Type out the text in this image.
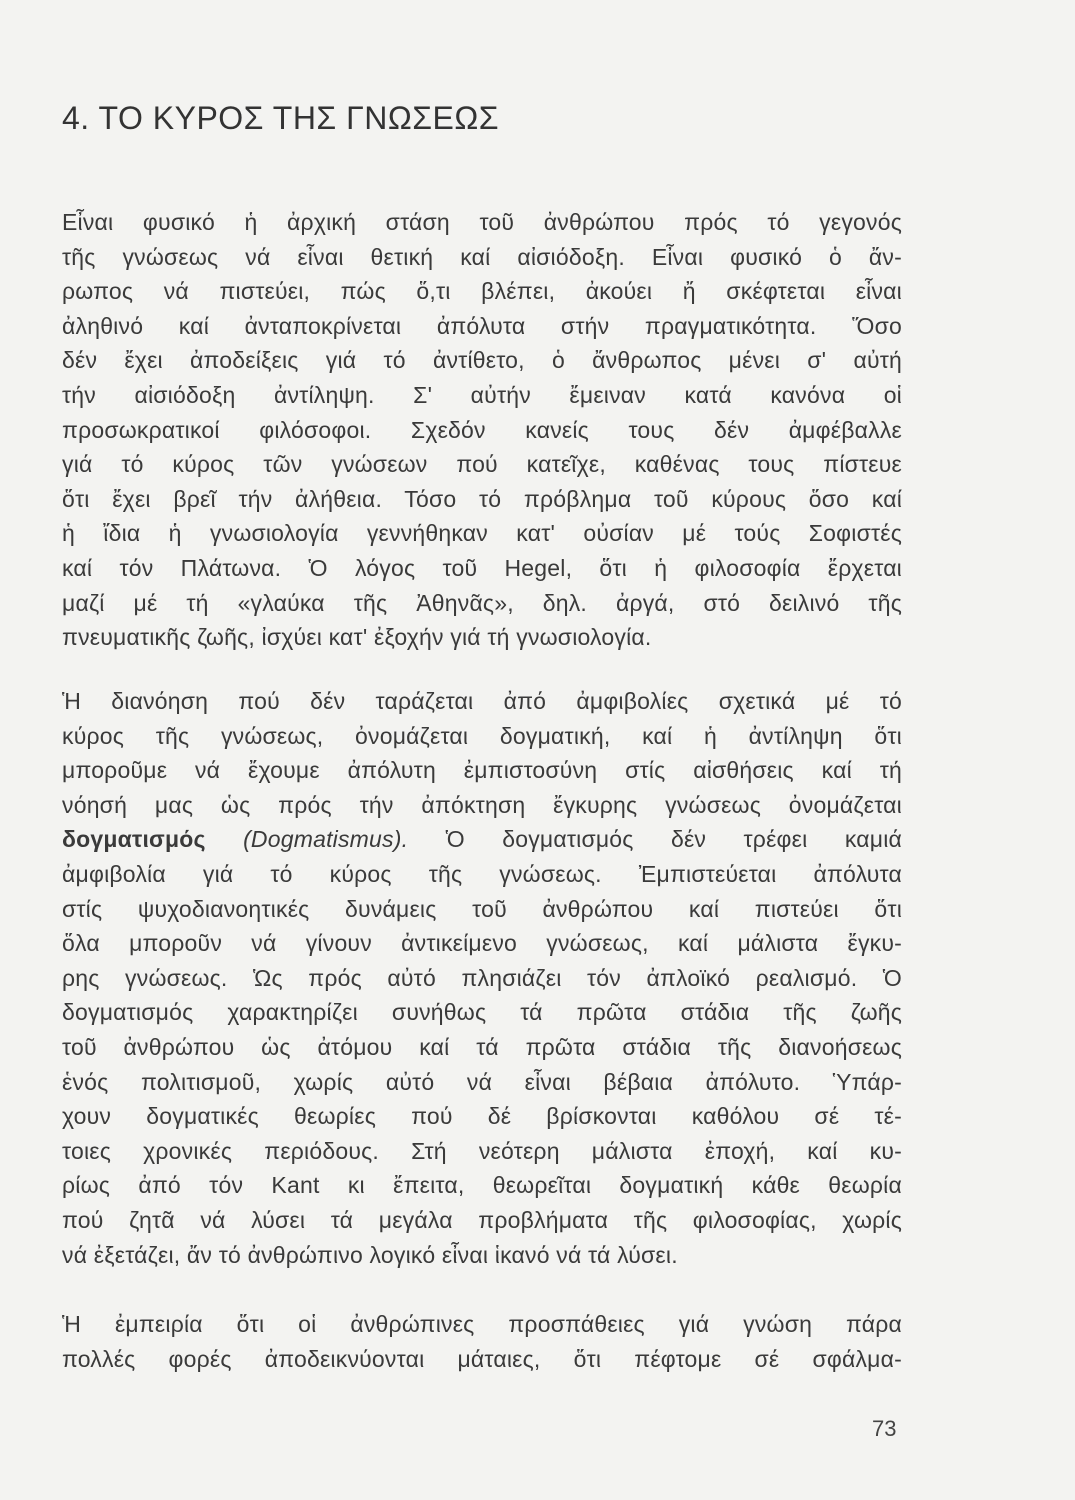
4. ΤΟ ΚΥΡΟΣ ΤΗΣ ΓΝΩΣΕΩΣ

Εἶναι φυσικό ἡ ἀρχική στάση τοῦ ἀνθρώπου πρός τό γεγονός
τῆς γνώσεως νά εἶναι θετική καί αἰσιόδοξη. Εἶναι φυσικό ὁ ἄν-
ρωπος νά πιστεύει, πώς ὅ,τι βλέπει, ἀκούει ἤ σκέφτεται εἶναι
ἀληθινό καί ἀνταποκρίνεται ἀπόλυτα στήν πραγματικότητα. Ὅσο
δέν ἔχει ἀποδείξεις γιά τό ἀντίθετο, ὁ ἄνθρωπος μένει σ' αὐτή
τήν αἰσιόδοξη ἀντίληψη. Σ' αὐτήν ἔμειναν κατά κανόνα οἱ
προσωκρατικοί φιλόσοφοι. Σχεδόν κανείς τους δέν ἀμφέβαλλε
γιά τό κύρος τῶν γνώσεων πού κατεῖχε, καθένας τους πίστευε
ὅτι ἔχει βρεῖ τήν ἀλήθεια. Τόσο τό πρόβλημα τοῦ κύρους ὅσο καί
ἡ ἴδια ἡ γνωσιολογία γεννήθηκαν κατ' οὐσίαν μέ τούς Σοφιστές
καί τόν Πλάτωνα. Ὁ λόγος τοῦ Hegel, ὅτι ἡ φιλοσοφία ἔρχεται
μαζί μέ τή «γλαύκα τῆς Ἀθηνᾶς», δηλ. ἀργά, στό δειλινό τῆς
πνευματικῆς ζωῆς, ἰσχύει κατ' ἐξοχήν γιά τή γνωσιολογία.

Ἡ διανόηση πού δέν ταράζεται ἀπό ἀμφιβολίες σχετικά μέ τό
κύρος τῆς γνώσεως, ὀνομάζεται δογματική, καί ἡ ἀντίληψη ὅτι
μποροῦμε νά ἔχουμε ἀπόλυτη ἐμπιστοσύνη στίς αἰσθήσεις καί τή
νόησή μας ὡς πρός τήν ἀπόκτηση ἔγκυρης γνώσεως ὀνομάζεται
δογματισμός (Dogmatismus). Ὁ δογματισμός δέν τρέφει καμιά
ἀμφιβολία γιά τό κύρος τῆς γνώσεως. Ἐμπιστεύεται ἀπόλυτα
στίς ψυχοδιανοητικές δυνάμεις τοῦ ἀνθρώπου καί πιστεύει ὅτι
ὅλα μποροῦν νά γίνουν ἀντικείμενο γνώσεως, καί μάλιστα ἔγκυ-
ρης γνώσεως. Ὡς πρός αὐτό πλησιάζει τόν ἀπλοϊκό ρεαλισμό. Ὁ
δογματισμός χαρακτηρίζει συνήθως τά πρῶτα στάδια τῆς ζωῆς
τοῦ ἀνθρώπου ὡς ἀτόμου καί τά πρῶτα στάδια τῆς διανοήσεως
ἑνός πολιτισμοῦ, χωρίς αὐτό νά εἶναι βέβαια ἀπόλυτο. Ὑπάρ-
χουν δογματικές θεωρίες πού δέ βρίσκονται καθόλου σέ τέ-
τοιες χρονικές περιόδους. Στή νεότερη μάλιστα ἐποχή, καί κυ-
ρίως ἀπό τόν Kant κι ἔπειτα, θεωρεῖται δογματική κάθε θεωρία
πού ζητᾶ νά λύσει τά μεγάλα προβλήματα τῆς φιλοσοφίας, χωρίς
νά ἐξετάζει, ἄν τό ἀνθρώπινο λογικό εἶναι ἱκανό νά τά λύσει.

Ἡ ἐμπειρία ὅτι οἱ ἀνθρώπινες προσπάθειες γιά γνώση πάρα
πολλές φορές ἀποδεικνύονται μάταιες, ὅτι πέφτομε σέ σφάλμα-

73
